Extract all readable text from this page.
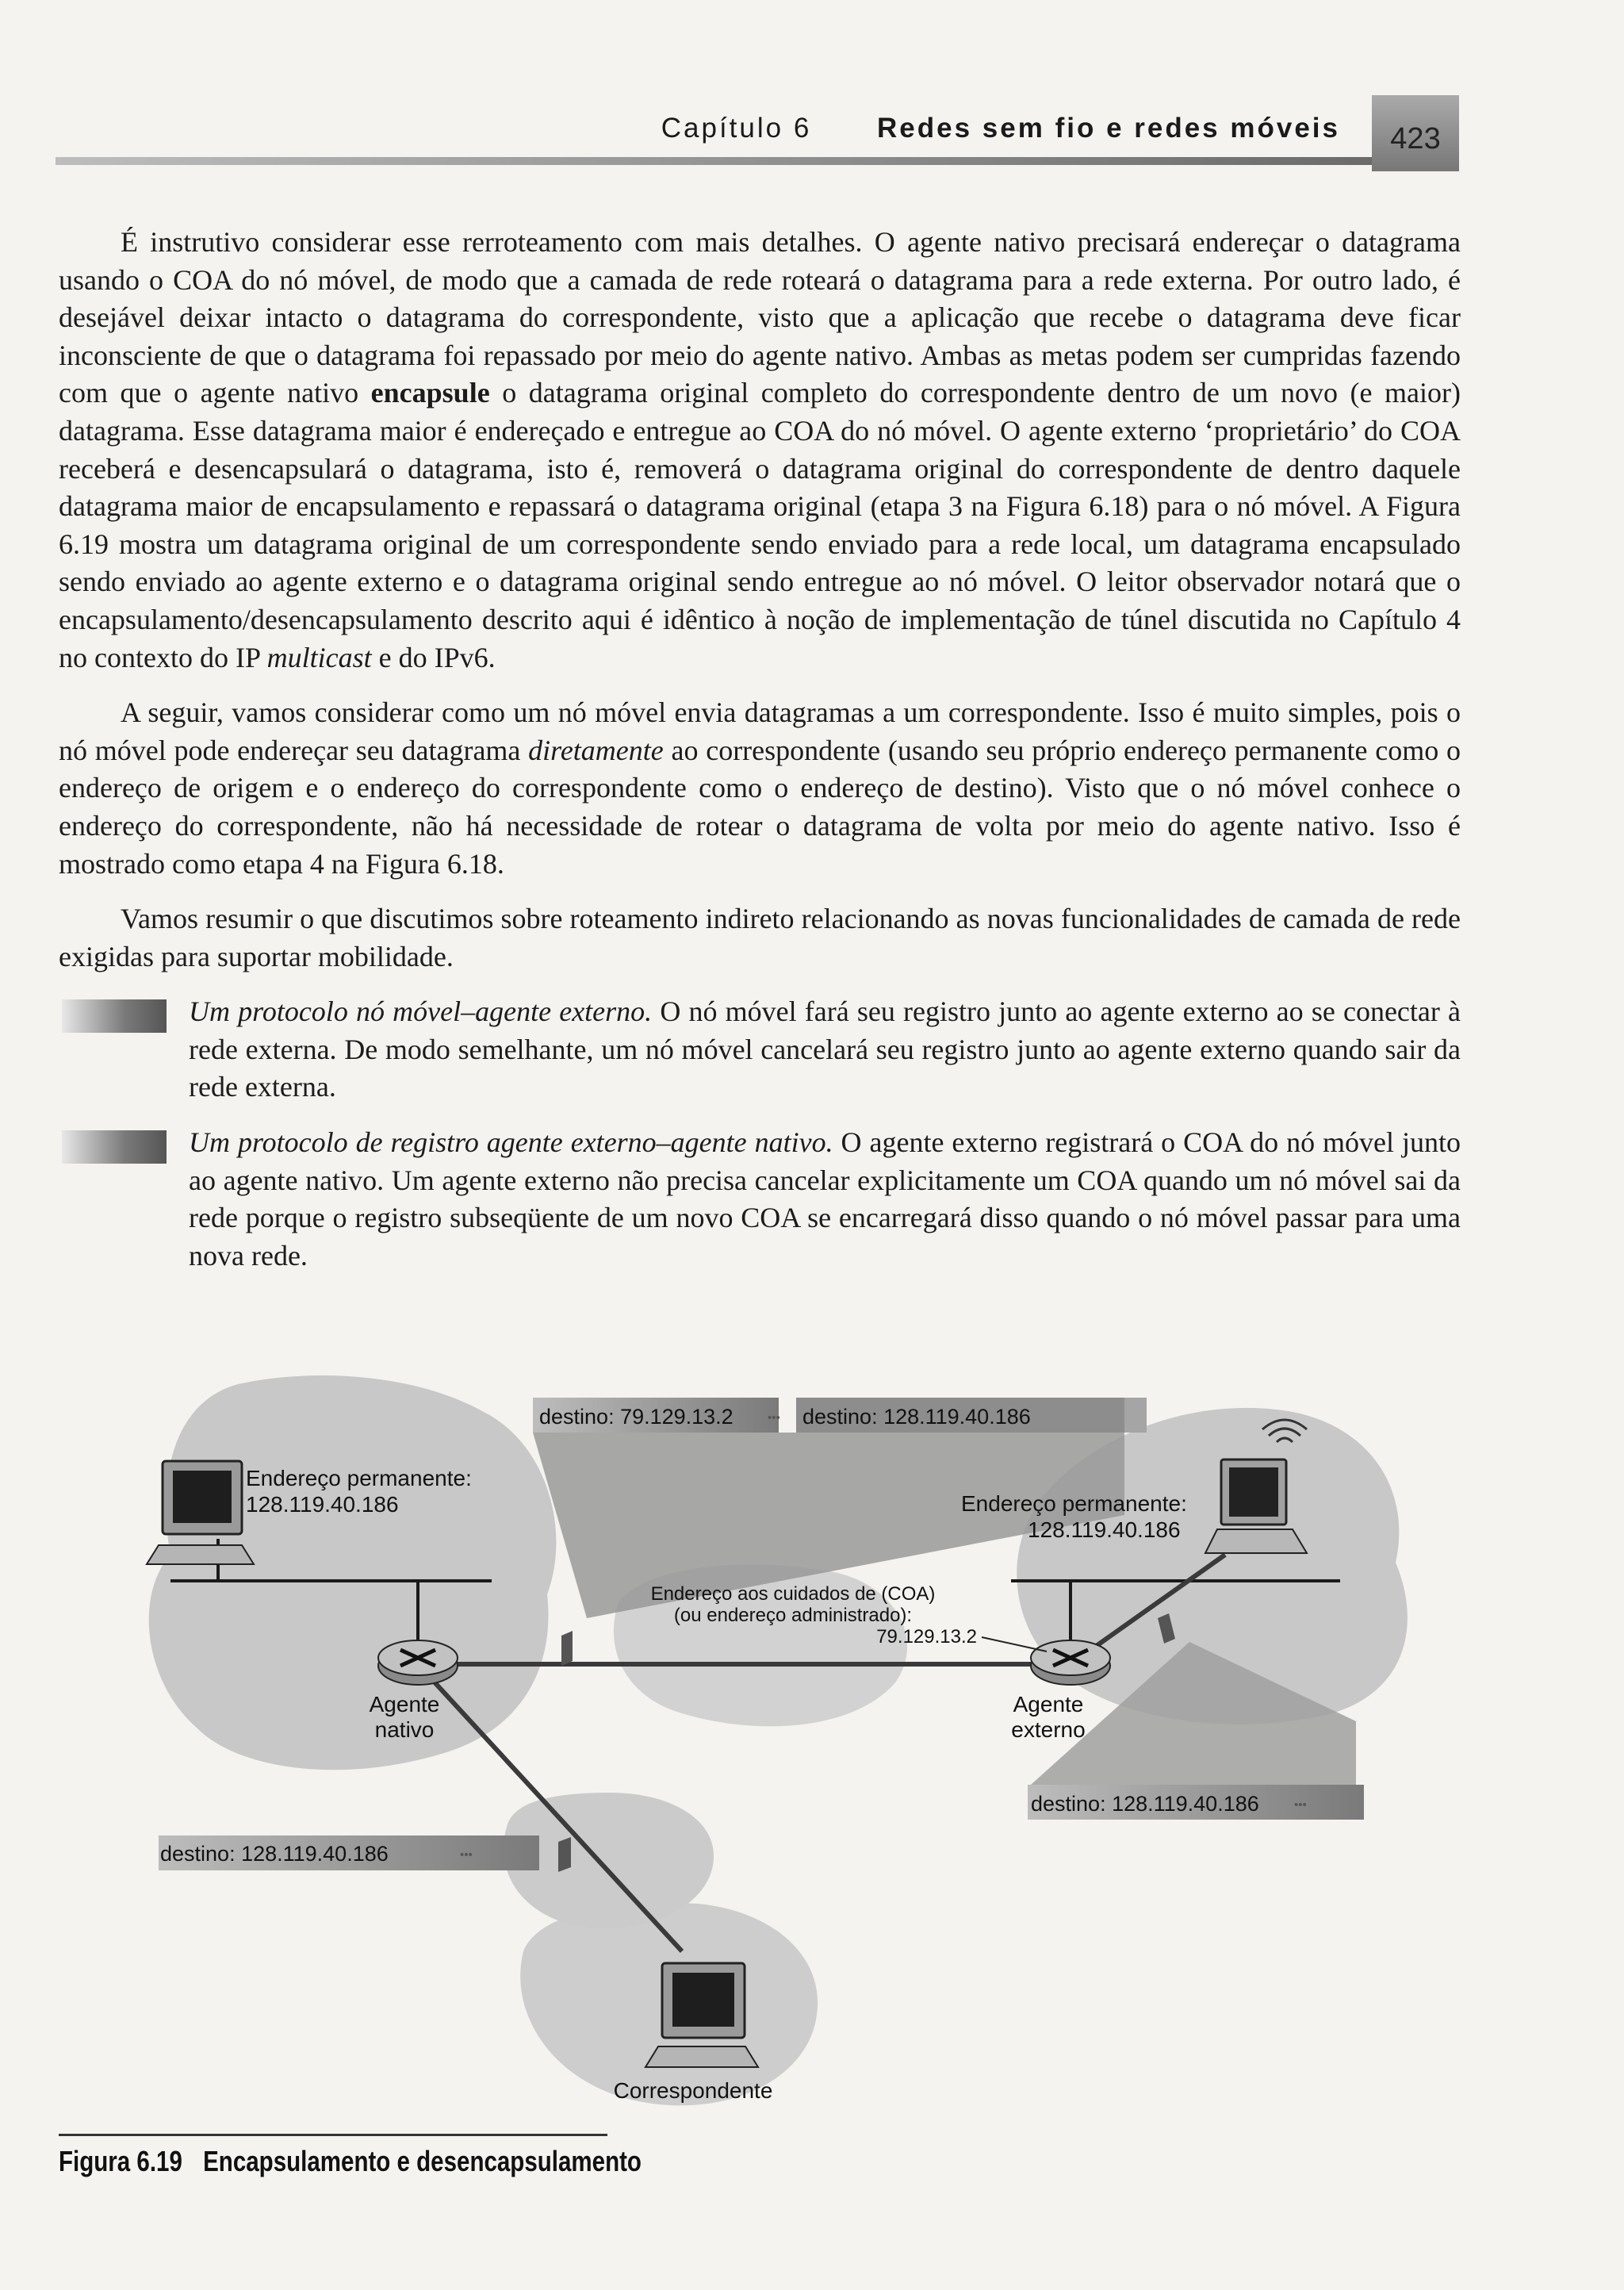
Capítulo 6 Redes sem fio e redes móveis	423

É instrutivo considerar esse rerroteamento com mais detalhes. O agente nativo precisará endereçar o datagrama usando o COA do nó móvel, de modo que a camada de rede roteará o datagrama para a rede externa. Por outro lado, é desejável deixar intacto o datagrama do correspondente, visto que a aplicação que recebe o datagrama deve ficar inconsciente de que o datagrama foi repassado por meio do agente nativo. Ambas as metas podem ser cumpridas fazendo com que o agente nativo encapsule o datagrama original completo do correspondente dentro de um novo (e maior) datagrama. Esse datagrama maior é endereçado e entregue ao COA do nó móvel. O agente externo ‘proprietário’ do COA receberá e desencapsulará o datagrama, isto é, removerá o datagrama original do correspondente de dentro daquele datagrama maior de encapsulamento e repassará o datagrama original (etapa 3 na Figura 6.18) para o nó móvel. A Figura 6.19 mostra um datagrama original de um correspondente sendo enviado para a rede local, um datagrama encapsulado sendo enviado ao agente externo e o datagrama original sendo entregue ao nó móvel. O leitor observador notará que o encapsulamento/desencapsulamento descrito aqui é idêntico à noção de implementação de túnel discutida no Capítulo 4 no contexto do IP multicast e do IPv6.

A seguir, vamos considerar como um nó móvel envia datagramas a um correspondente. Isso é muito simples, pois o nó móvel pode endereçar seu datagrama diretamente ao correspondente (usando seu próprio endereço permanente como o endereço de origem e o endereço do correspondente como o endereço de destino). Visto que o nó móvel conhece o endereço do correspondente, não há necessidade de rotear o datagrama de volta por meio do agente nativo. Isso é mostrado como etapa 4 na Figura 6.18.

Vamos resumir o que discutimos sobre roteamento indireto relacionando as novas funcionalidades de camada de rede exigidas para suportar mobilidade.

Um protocolo nó móvel–agente externo. O nó móvel fará seu registro junto ao agente externo ao se conectar à rede externa. De modo semelhante, um nó móvel cancelará seu registro junto ao agente externo quando sair da rede externa.
Um protocolo de registro agente externo–agente nativo. O agente externo registrará o COA do nó móvel junto ao agente nativo. Um agente externo não precisa cancelar explicitamente um COA quando um nó móvel sai da rede porque o registro subseqüente de um novo COA se encarregará disso quando o nó móvel passar para uma nova rede.
destino: 79.129.13.2	••• destino: 128.119.40.186
destino: 128.119.40.186	•••
destino: 128.119.40.186	•••
Endereço permanente:
128.119.40.186	Endereço permanente:
128.119.40.186
Endereço aos cuidados de (COA)
(ou endereço administrado):
79.129.13.2
Agente
nativo
Agente
externo
Correspondente
Figura 6.19 Encapsulamento e desencapsulamento
